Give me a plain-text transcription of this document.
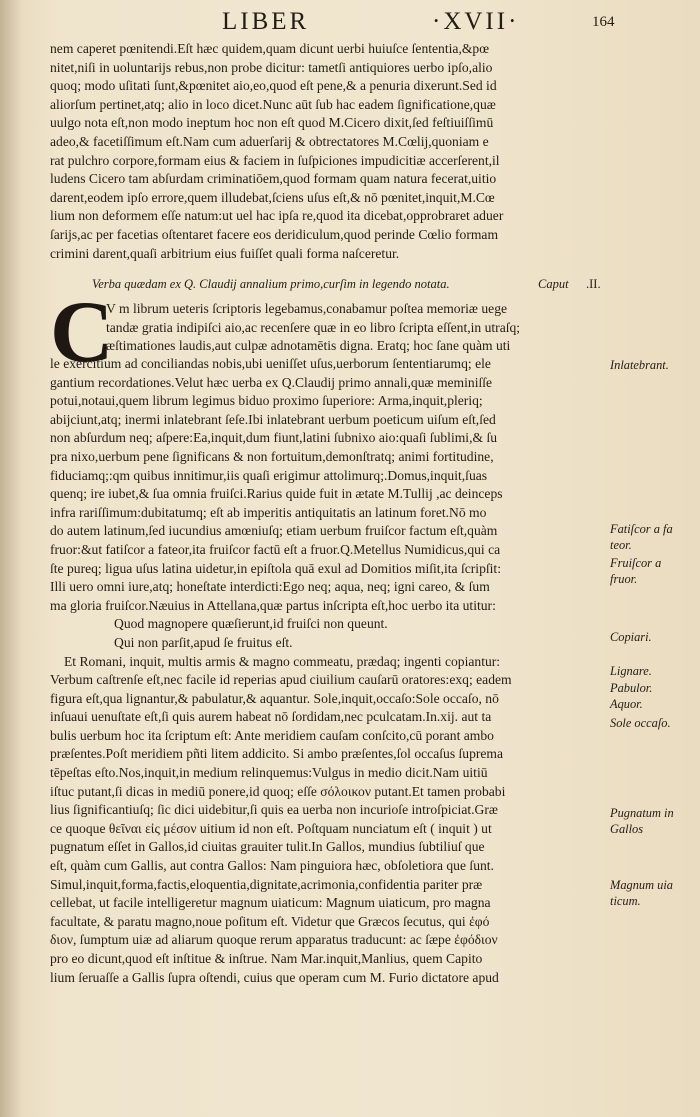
LIBER	·XVII·	164
nem caperet pœnitendi.Eſt hæc quidem,quam dicunt uerbi huiuſce ſententia,&pœ
nitet,niſi in uoluntarijs rebus,non probe dicitur: tametſi antiquiores uerbo ipſo,alio
quoq; modo uſitati ſunt,&pœnitet aio,eo,quod eſt pene,& a penuria dixerunt.Sed id
aliorſum pertinet,atq; alio in loco dicet.Nunc aūt ſub hac eadem ſignificatione,quæ
uulgo nota eſt,non modo ineptum hoc non eſt quod M.Cicero dixit,ſed feſtiuiſſimū
adeo,& facetiſſimum eſt.Nam cum aduerſarij & obtrectatores M.Cœlij,quoniam e
rat pulchro corpore,formam eius & faciem in ſuſpiciones impudicitiæ accerſerent,il
ludens Cicero tam abſurdam criminatiōem,quod formam quam natura fecerat,uitio
darent,eodem ipſo errore,quem illudebat,ſciens uſus eſt,& nō pœnitet,inquit,M.Cœ
lium non deformem eſſe natum:ut uel hac ipſa re,quod ita dicebat,opprobraret aduer
ſarijs,ac per facetias oſtentaret facere eos deridiculum,quod perinde Cœlio formam
crimini darent,quaſi arbitrium eius fuiſſet quali forma naſceretur.
Verba quædam ex Q. Claudij annalium primo,curſim in legendo notata.	Caput .II.
C
V m librum ueteris ſcriptoris legebamus,conabamur poſtea memoriæ uege
tandæ gratia indipiſci aio,ac recenſere quæ in eo libro ſcripta eſſent,in utraſq;
æſtimationes laudis,aut culpæ adnotamētis digna. Eratq; hoc ſane quàm uti
le exercitium ad conciliandas nobis,ubi ueniſſet uſus,uerborum ſententiarumq; ele
gantium recordationes.Velut hæc uerba ex Q.Claudij primo annali,quæ meminiſſe
potui,notaui,quem librum legimus biduo proximo ſuperiore: Arma,inquit,pleriq;
abijciunt,atq; inermi inlatebrant ſeſe.Ibi inlatebrant uerbum poeticum uiſum eſt,ſed
non abſurdum neq; aſpere:Ea,inquit,dum fiunt,latini ſubnixo aio:quaſi ſublimi,& ſu
pra nixo,uerbum pene ſignificans & non fortuitum,demonſtratq; animi fortitudine,
fiduciamq;:qm quibus innitimur,iis quaſi erigimur attolimurq;.Domus,inquit,ſuas
quenq; ire iubet,& ſua omnia fruiſci.Rarius quide fuit in ætate M.Tullij ,ac deinceps
infra rariſſimum:dubitatumq; eſt ab imperitis antiquitatis an latinum foret.Nō mo
do autem latinum,ſed iucundius amœniuſq; etiam uerbum fruiſcor factum eſt,quàm
fruor:&ut fatiſcor a fateor,ita fruiſcor factū eſt a fruor.Q.Metellus Numidicus,qui ca
ſte pureq; ligua uſus latina uidetur,in epiſtola quā exul ad Domitios miſit,ita ſcripſit:
Illi uero omni iure,atq; honeſtate interdicti:Ego neq; aqua, neq; igni careo, & ſum
ma gloria fruiſcor.Næuius in Attellana,quæ partus inſcripta eſt,hoc uerbo ita utitur:
Quod magnopere quæſierunt,id fruiſci non queunt.
Qui non parſit,apud ſe fruitus eſt.
Et Romani, inquit, multis armis & magno commeatu, prædaq; ingenti copiantur:
Verbum caſtrenſe eſt,nec facile id reperias apud ciuilium cauſarū oratores:exq; eadem
figura eſt,qua lignantur,& pabulatur,& aquantur. Sole,inquit,occaſo:Sole occaſo, nō
inſuaui uenuſtate eſt,ſi quis aurem habeat nō ſordidam,nec pculcatam.In.xij. aut ta
bulis uerbum hoc ita ſcriptum eſt: Ante meridiem cauſam conſcito,cū porant ambo
præſentes.Poſt meridiem pñti litem addicito. Si ambo præſentes,ſol occaſus ſuprema
tēpeſtas eſto.Nos,inquit,in medium relinquemus:Vulgus in medio dicit.Nam uitiū
iſtuc putant,ſi dicas in mediū ponere,id quoq; eſſe σόλοικον putant.Et tamen probabi
lius ſignificantiuſq; ſic dici uidebitur,ſi quis ea uerba non incurioſe introſpiciat.Græ
ce quoque θεῖναι εἰς μέσον uitium id non eſt. Poſtquam nunciatum eſt ( inquit ) ut
pugnatum eſſet in Gallos,id ciuitas grauiter tulit.In Gallos, mundius ſubtiliuſ que
eſt, quàm cum Gallis, aut contra Gallos: Nam pinguiora hæc, obſoletiora que ſunt.
Simul,inquit,forma,factis,eloquentia,dignitate,acrimonia,confidentia pariter præ
cellebat, ut facile intelligeretur magnum uiaticum: Magnum uiaticum, pro magna
facultate, & paratu magno,noue poſitum eſt. Videtur que Græcos ſecutus, qui ἐφό
διον, ſumptum uiæ ad aliarum quoque rerum apparatus traducunt: ac ſæpe ἐφόδιον
pro eo dicunt,quod eſt inſtitue & inſtrue. Nam Mar.inquit,Manlius, quem Capito
lium ſeruaſſe a Gallis ſupra oſtendi, cuius que operam cum M. Furio dictatore apud
Inlatebrant.
Fatiſcor a fa
teor.
Fruiſcor a
fruor.
Copiari.
Lignare.
Pabulor.
Aquor.
Sole occaſo.
Pugnatum in
Gallos
Magnum uia
ticum.
